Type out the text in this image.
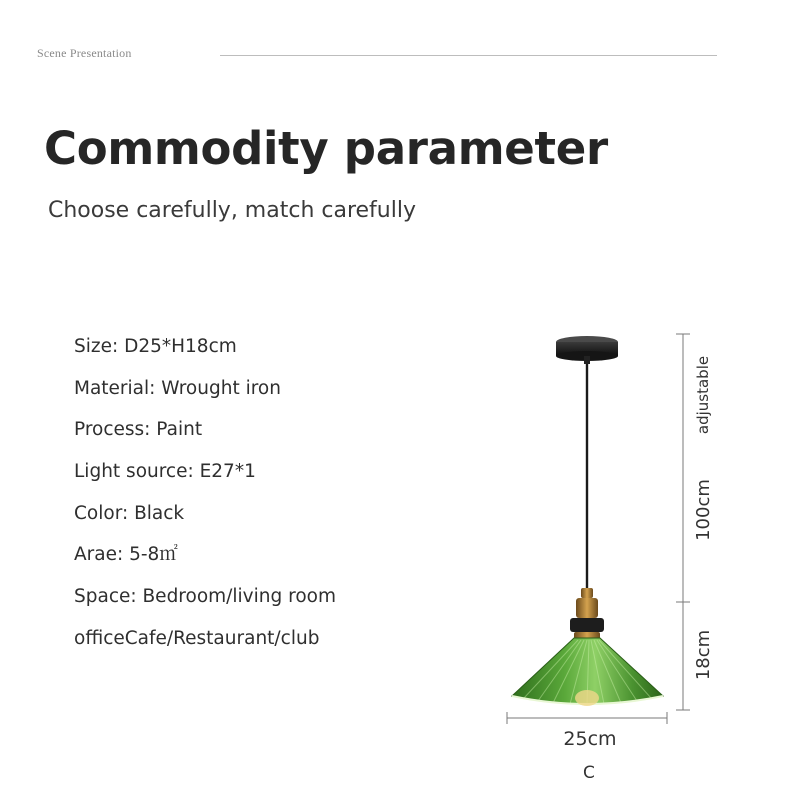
Scene Presentation
Commodity parameter
Choose carefully, match carefully
Size: D25*H18cm
Material: Wrought iron
Process: Paint
Light source: E27*1
Color: Black
Arae: 5-8㎡
Space: Bedroom/living room
officeCafe/Restaurant/club
100cm
adjustable
18cm
25cm
C
